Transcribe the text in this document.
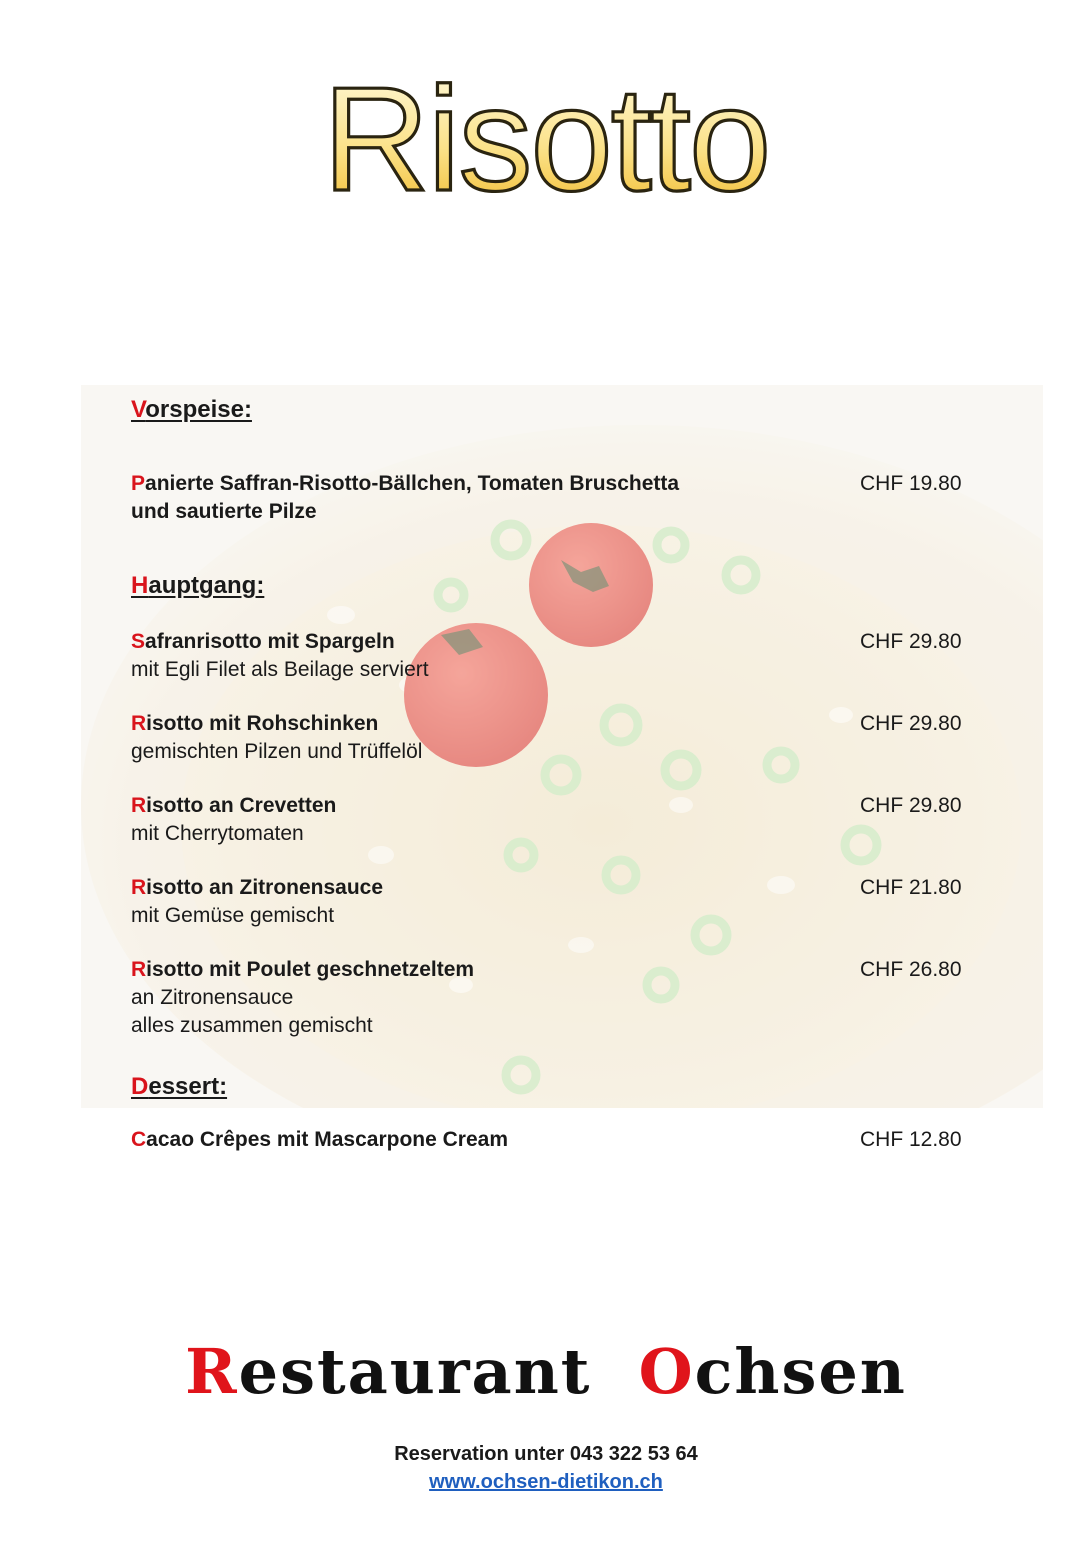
Risotto
Vorspeise:
Panierte Saffran-Risotto-Bällchen, Tomaten Bruschetta
und sautierte Pilze
CHF 19.80
Hauptgang:
Safranrisotto mit Spargeln
mit Egli Filet als Beilage serviert
CHF 29.80
Risotto mit Rohschinken
gemischten Pilzen und Trüffelöl
CHF 29.80
Risotto an Crevetten
mit Cherrytomaten
CHF 29.80
Risotto an Zitronensauce
mit Gemüse gemischt
CHF 21.80
Risotto mit Poulet geschnetzeltem
an Zitronensauce
alles zusammen gemischt
CHF 26.80
Dessert:
Cacao Crêpes mit Mascarpone Cream	CHF 12.80
Restaurant Ochsen
Reservation unter 043 322 53 64
www.ochsen-dietikon.ch
